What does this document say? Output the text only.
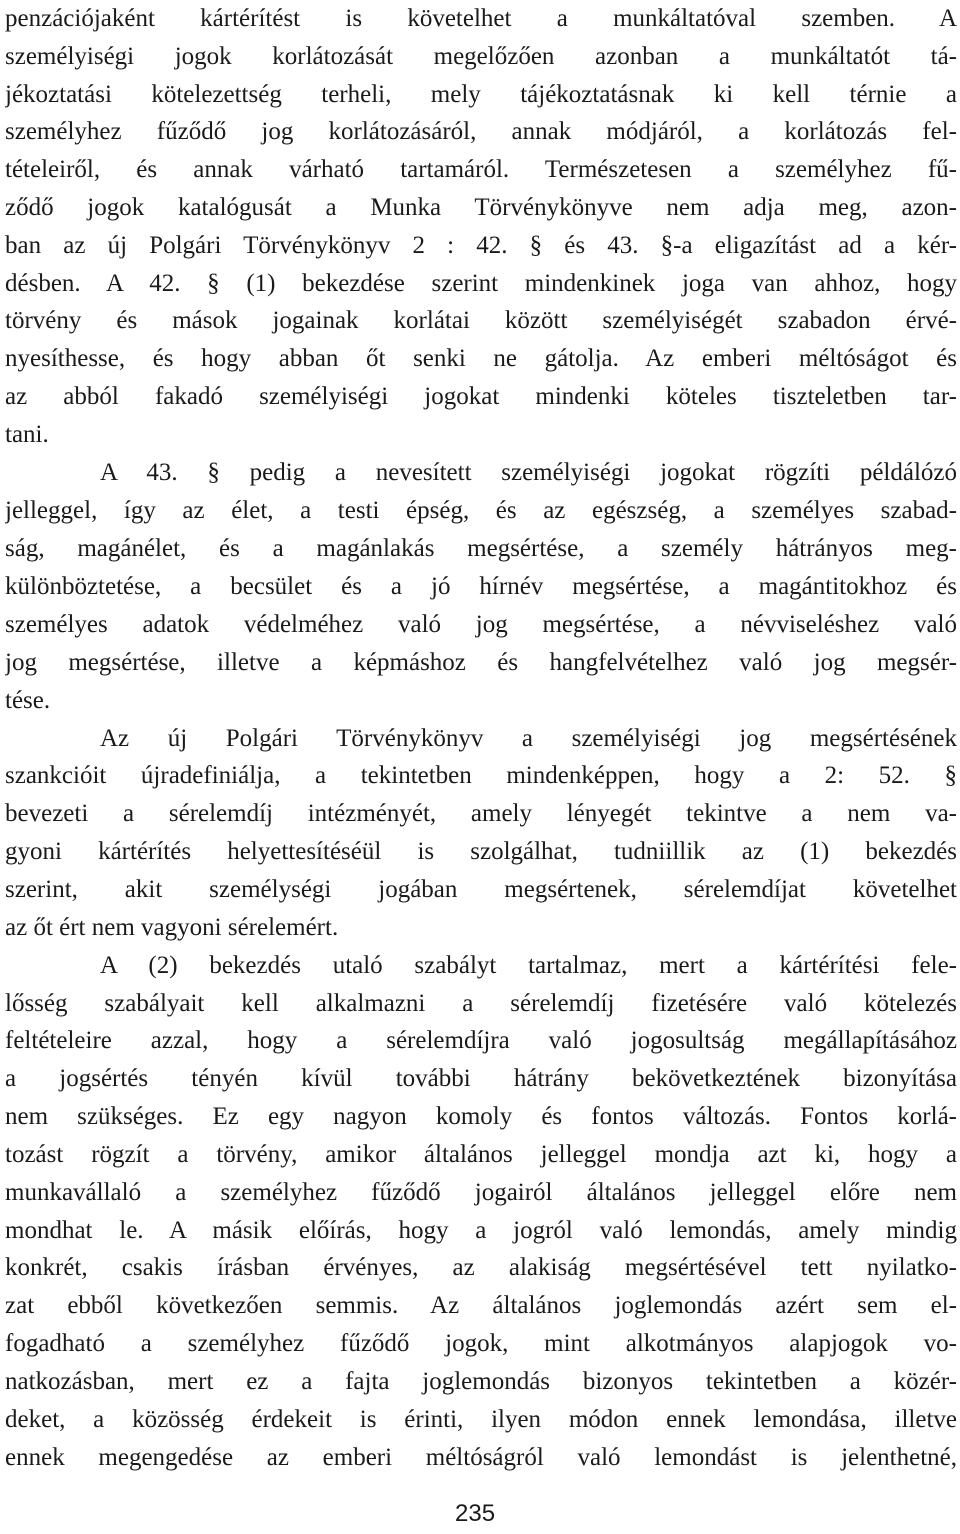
penzációjaként kártérítést is követelhet a munkáltatóval szemben. A
személyiségi jogok korlátozását megelőzően azonban a munkáltatót tá-
jékoztatási kötelezettség terheli, mely tájékoztatásnak ki kell térnie a
személyhez fűződő jog korlátozásáról, annak módjáról, a korlátozás fel-
tételeiről, és annak várható tartamáról. Természetesen a személyhez fű-
ződő jogok katalógusát a Munka Törvénykönyve nem adja meg, azon-
ban az új Polgári Törvénykönyv 2 : 42. § és 43. §-a eligazítást ad a kér-
désben. A 42. § (1) bekezdése szerint mindenkinek joga van ahhoz, hogy
törvény és mások jogainak korlátai között személyiségét szabadon érvé-
nyesíthesse, és hogy abban őt senki ne gátolja. Az emberi méltóságot és
az abból fakadó személyiségi jogokat mindenki köteles tiszteletben tar-
tani.
A 43. § pedig a nevesített személyiségi jogokat rögzíti példálózó
jelleggel, így az élet, a testi épség, és az egészség, a személyes szabad-
ság, magánélet, és a magánlakás megsértése, a személy hátrányos meg-
különböztetése, a becsület és a jó hírnév megsértése, a magántitokhoz és
személyes adatok védelméhez való jog megsértése, a névviseléshez való
jog megsértése, illetve a képmáshoz és hangfelvételhez való jog megsér-
tése.
Az új Polgári Törvénykönyv a személyiségi jog megsértésének
szankcióit újradefiniálja, a tekintetben mindenképpen, hogy a 2: 52. §
bevezeti a sérelemdíj intézményét, amely lényegét tekintve a nem va-
gyoni kártérítés helyettesítéséül is szolgálhat, tudniillik az (1) bekezdés
szerint, akit személységi jogában megsértenek, sérelemdíjat követelhet
az őt ért nem vagyoni sérelemért.
A (2) bekezdés utaló szabályt tartalmaz, mert a kártérítési fele-
lősség szabályait kell alkalmazni a sérelemdíj fizetésére való kötelezés
feltételeire azzal, hogy a sérelemdíjra való jogosultság megállapításához
a jogsértés tényén kívül további hátrány bekövetkeztének bizonyítása
nem szükséges. Ez egy nagyon komoly és fontos változás. Fontos korlá-
tozást rögzít a törvény, amikor általános jelleggel mondja azt ki, hogy a
munkavállaló a személyhez fűződő jogairól általános jelleggel előre nem
mondhat le. A másik előírás, hogy a jogról való lemondás, amely mindig
konkrét, csakis írásban érvényes, az alakiság megsértésével tett nyilatko-
zat ebből következően semmis. Az általános joglemondás azért sem el-
fogadható a személyhez fűződő jogok, mint alkotmányos alapjogok vo-
natkozásban, mert ez a fajta joglemondás bizonyos tekintetben a közér-
deket, a közösség érdekeit is érinti, ilyen módon ennek lemondása, illetve
ennek megengedése az emberi méltóságról való lemondást is jelenthetné,
235
